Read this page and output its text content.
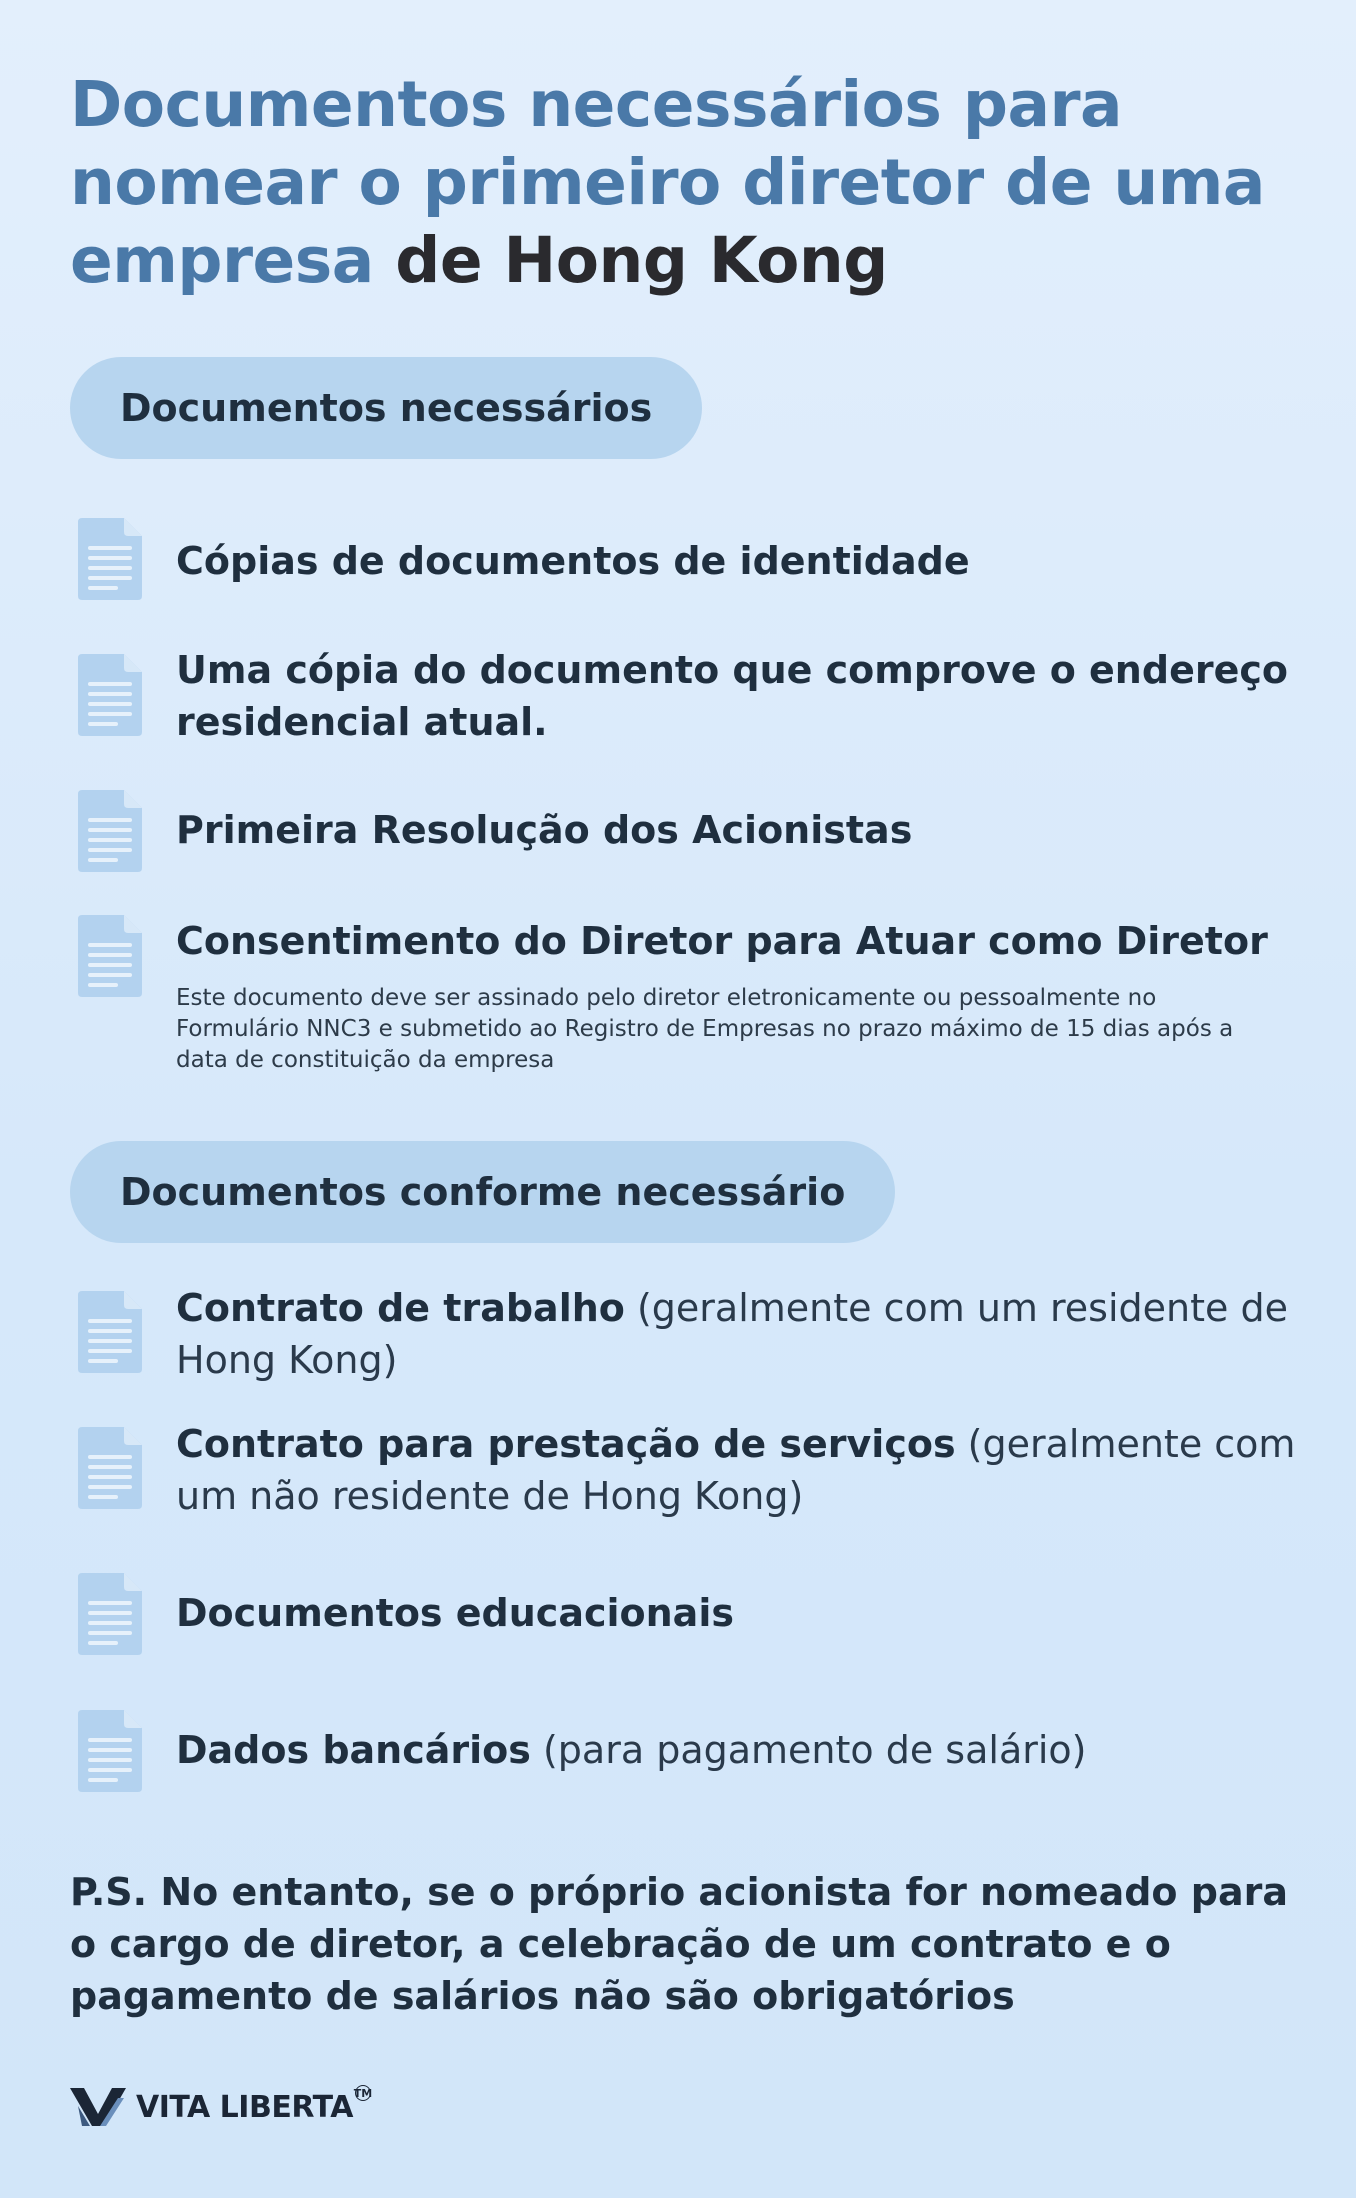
Documentos necessários para nomear o primeiro diretor de uma empresa de Hong Kong
Documentos necessários
Cópias de documentos de identidade
Uma cópia do documento que comprove o endereço residencial atual.
Primeira Resolução dos Acionistas
Consentimento do Diretor para Atuar como Diretor
Este documento deve ser assinado pelo diretor eletronicamente ou pessoalmente no Formulário NNC3 e submetido ao Registro de Empresas no prazo máximo de 15 dias após a data de constituição da empresa
Documentos conforme necessário
Contrato de trabalho (geralmente com um residente de Hong Kong)
Contrato para prestação de serviços (geralmente com um não residente de Hong Kong)
Documentos educacionais
Dados bancários (para pagamento de salário)

P.S. No entanto, se o próprio acionista for nomeado para o cargo de diretor, a celebração de um contrato e o pagamento de salários não são obrigatórios

VITA LIBERTA TM
